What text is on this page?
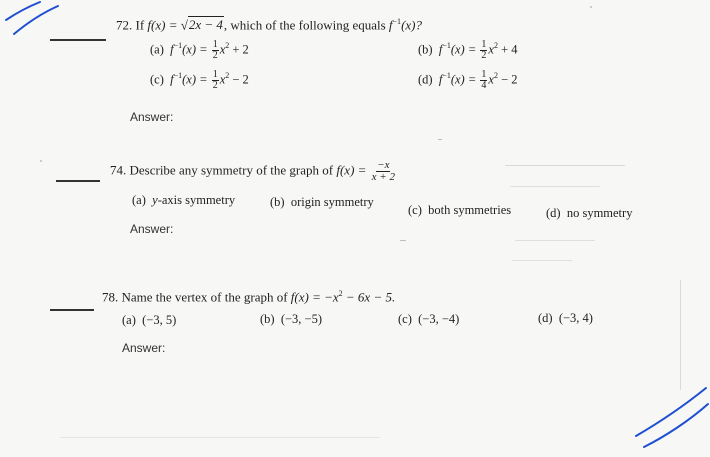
72. If f(x) = √2x − 4, which of the following equals $f^{-1}(x)$?
(a) $f^{-1}(x) = \frac{1}{2} x^2 + 2$	(b) $f^{-1}(x) = \frac{1}{2} x^2 + 4$
(c) $f^{-1}(x) = \frac{1}{2} x^2 - 2$	(d) $f^{-1}(x) = \frac{1}{4} x^2 - 2$
Answer:
74. Describe any symmetry of the graph of $f(x) = \frac{-x}{x + 2}$
(a) y-axis symmetry	(b) origin symmetry
(c) both symmetries	(d) no symmetry
Answer:
78. Name the vertex of the graph of $f(x) = -x^2 - 6x - 5$.
(a) (−3, 5)	(b) (−3, −5)	(c) (−3, −4)	(d) (−3, 4)
Answer:
